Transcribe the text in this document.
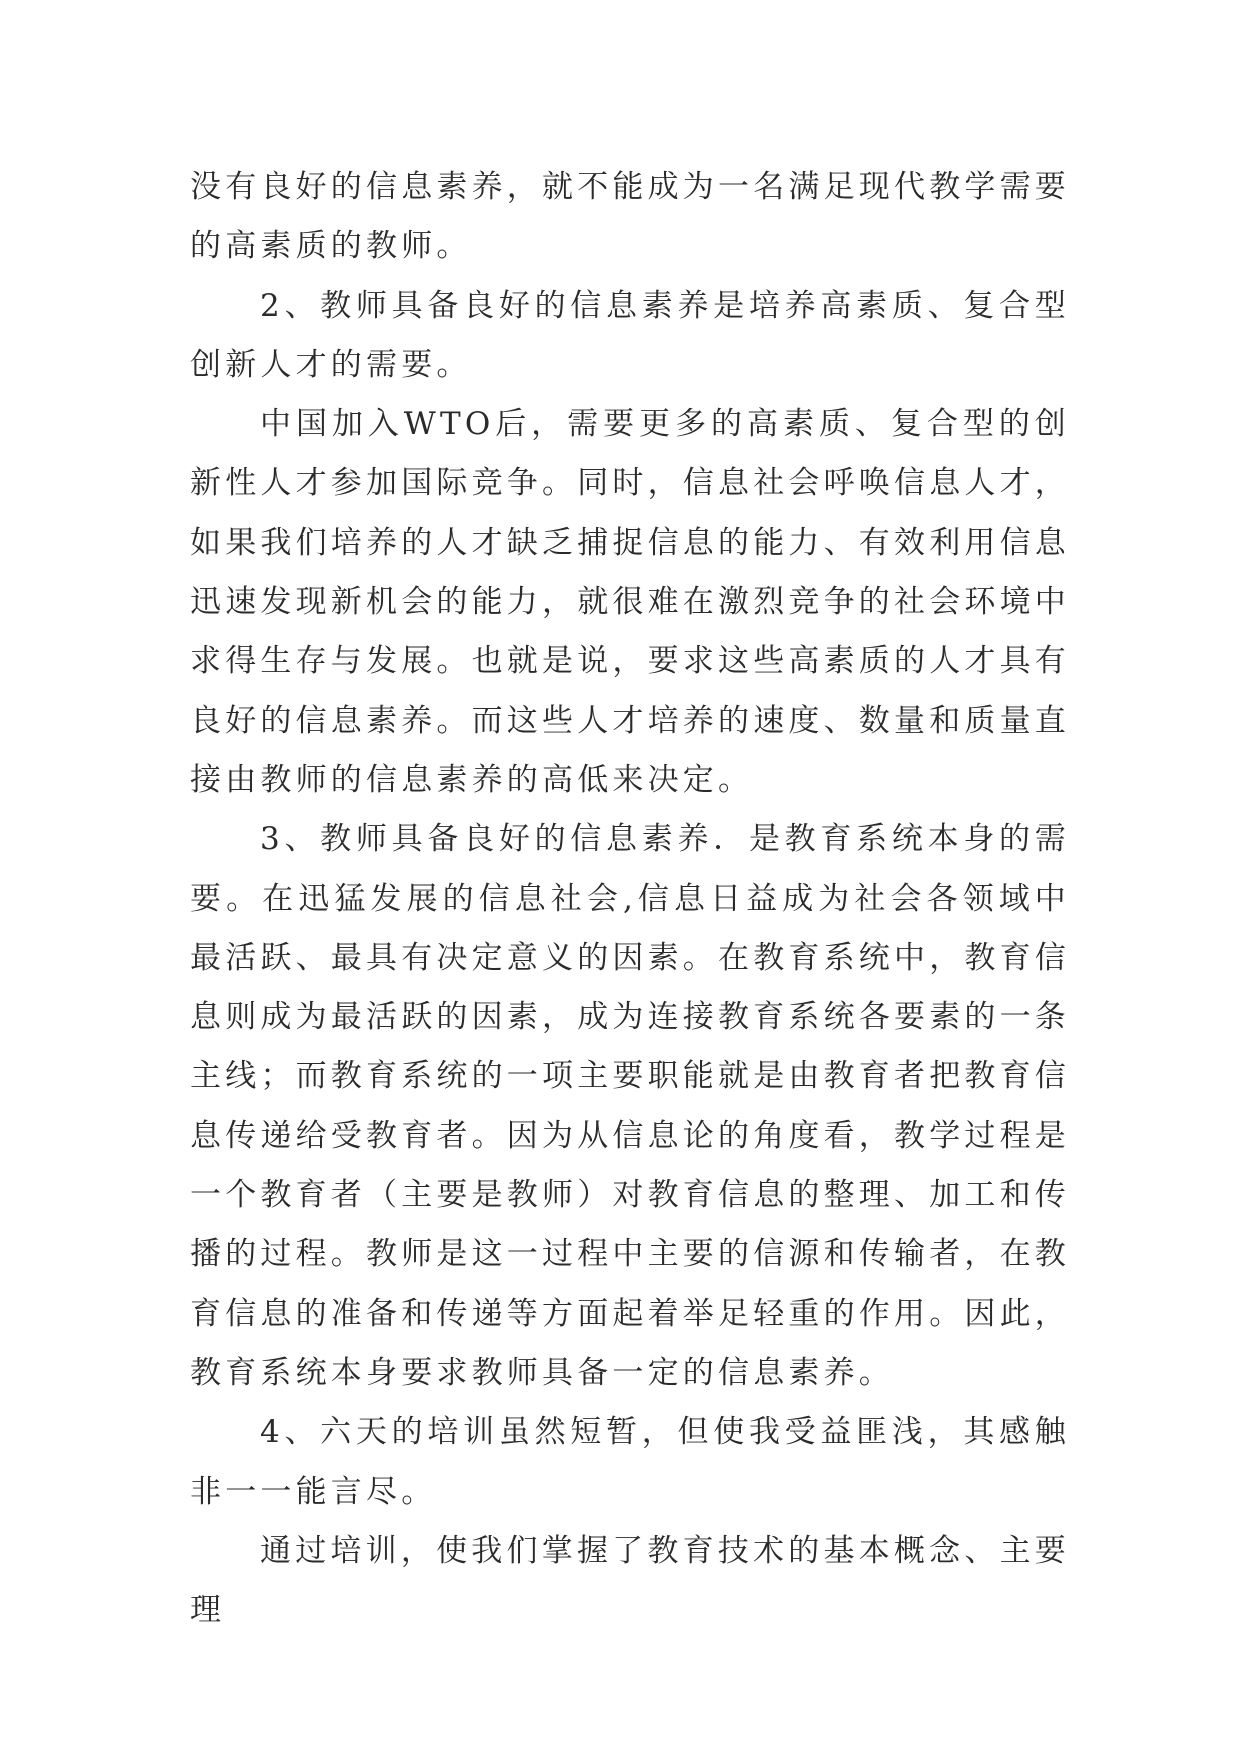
没有良好的信息素养，就不能成为一名满足现代教学需要的高素质的教师。

2、教师具备良好的信息素养是培养高素质、复合型创新人才的需要。

中国加入WTO后，需要更多的高素质、复合型的创新性人才参加国际竞争。同时，信息社会呼唤信息人才，如果我们培养的人才缺乏捕捉信息的能力、有效利用信息迅速发现新机会的能力，就很难在激烈竞争的社会环境中求得生存与发展。也就是说，要求这些高素质的人才具有良好的信息素养。而这些人才培养的速度、数量和质量直接由教师的信息素养的高低来决定。

3、教师具备良好的信息素养．是教育系统本身的需要。在迅猛发展的信息社会,信息日益成为社会各领域中最活跃、最具有决定意义的因素。在教育系统中，教育信息则成为最活跃的因素，成为连接教育系统各要素的一条主线；而教育系统的一项主要职能就是由教育者把教育信息传递给受教育者。因为从信息论的角度看，教学过程是一个教育者（主要是教师）对教育信息的整理、加工和传播的过程。教师是这一过程中主要的信源和传输者，在教育信息的准备和传递等方面起着举足轻重的作用。因此，教育系统本身要求教师具备一定的信息素养。

4、六天的培训虽然短暂，但使我受益匪浅，其感触非一一能言尽。

通过培训，使我们掌握了教育技术的基本概念、主要理
